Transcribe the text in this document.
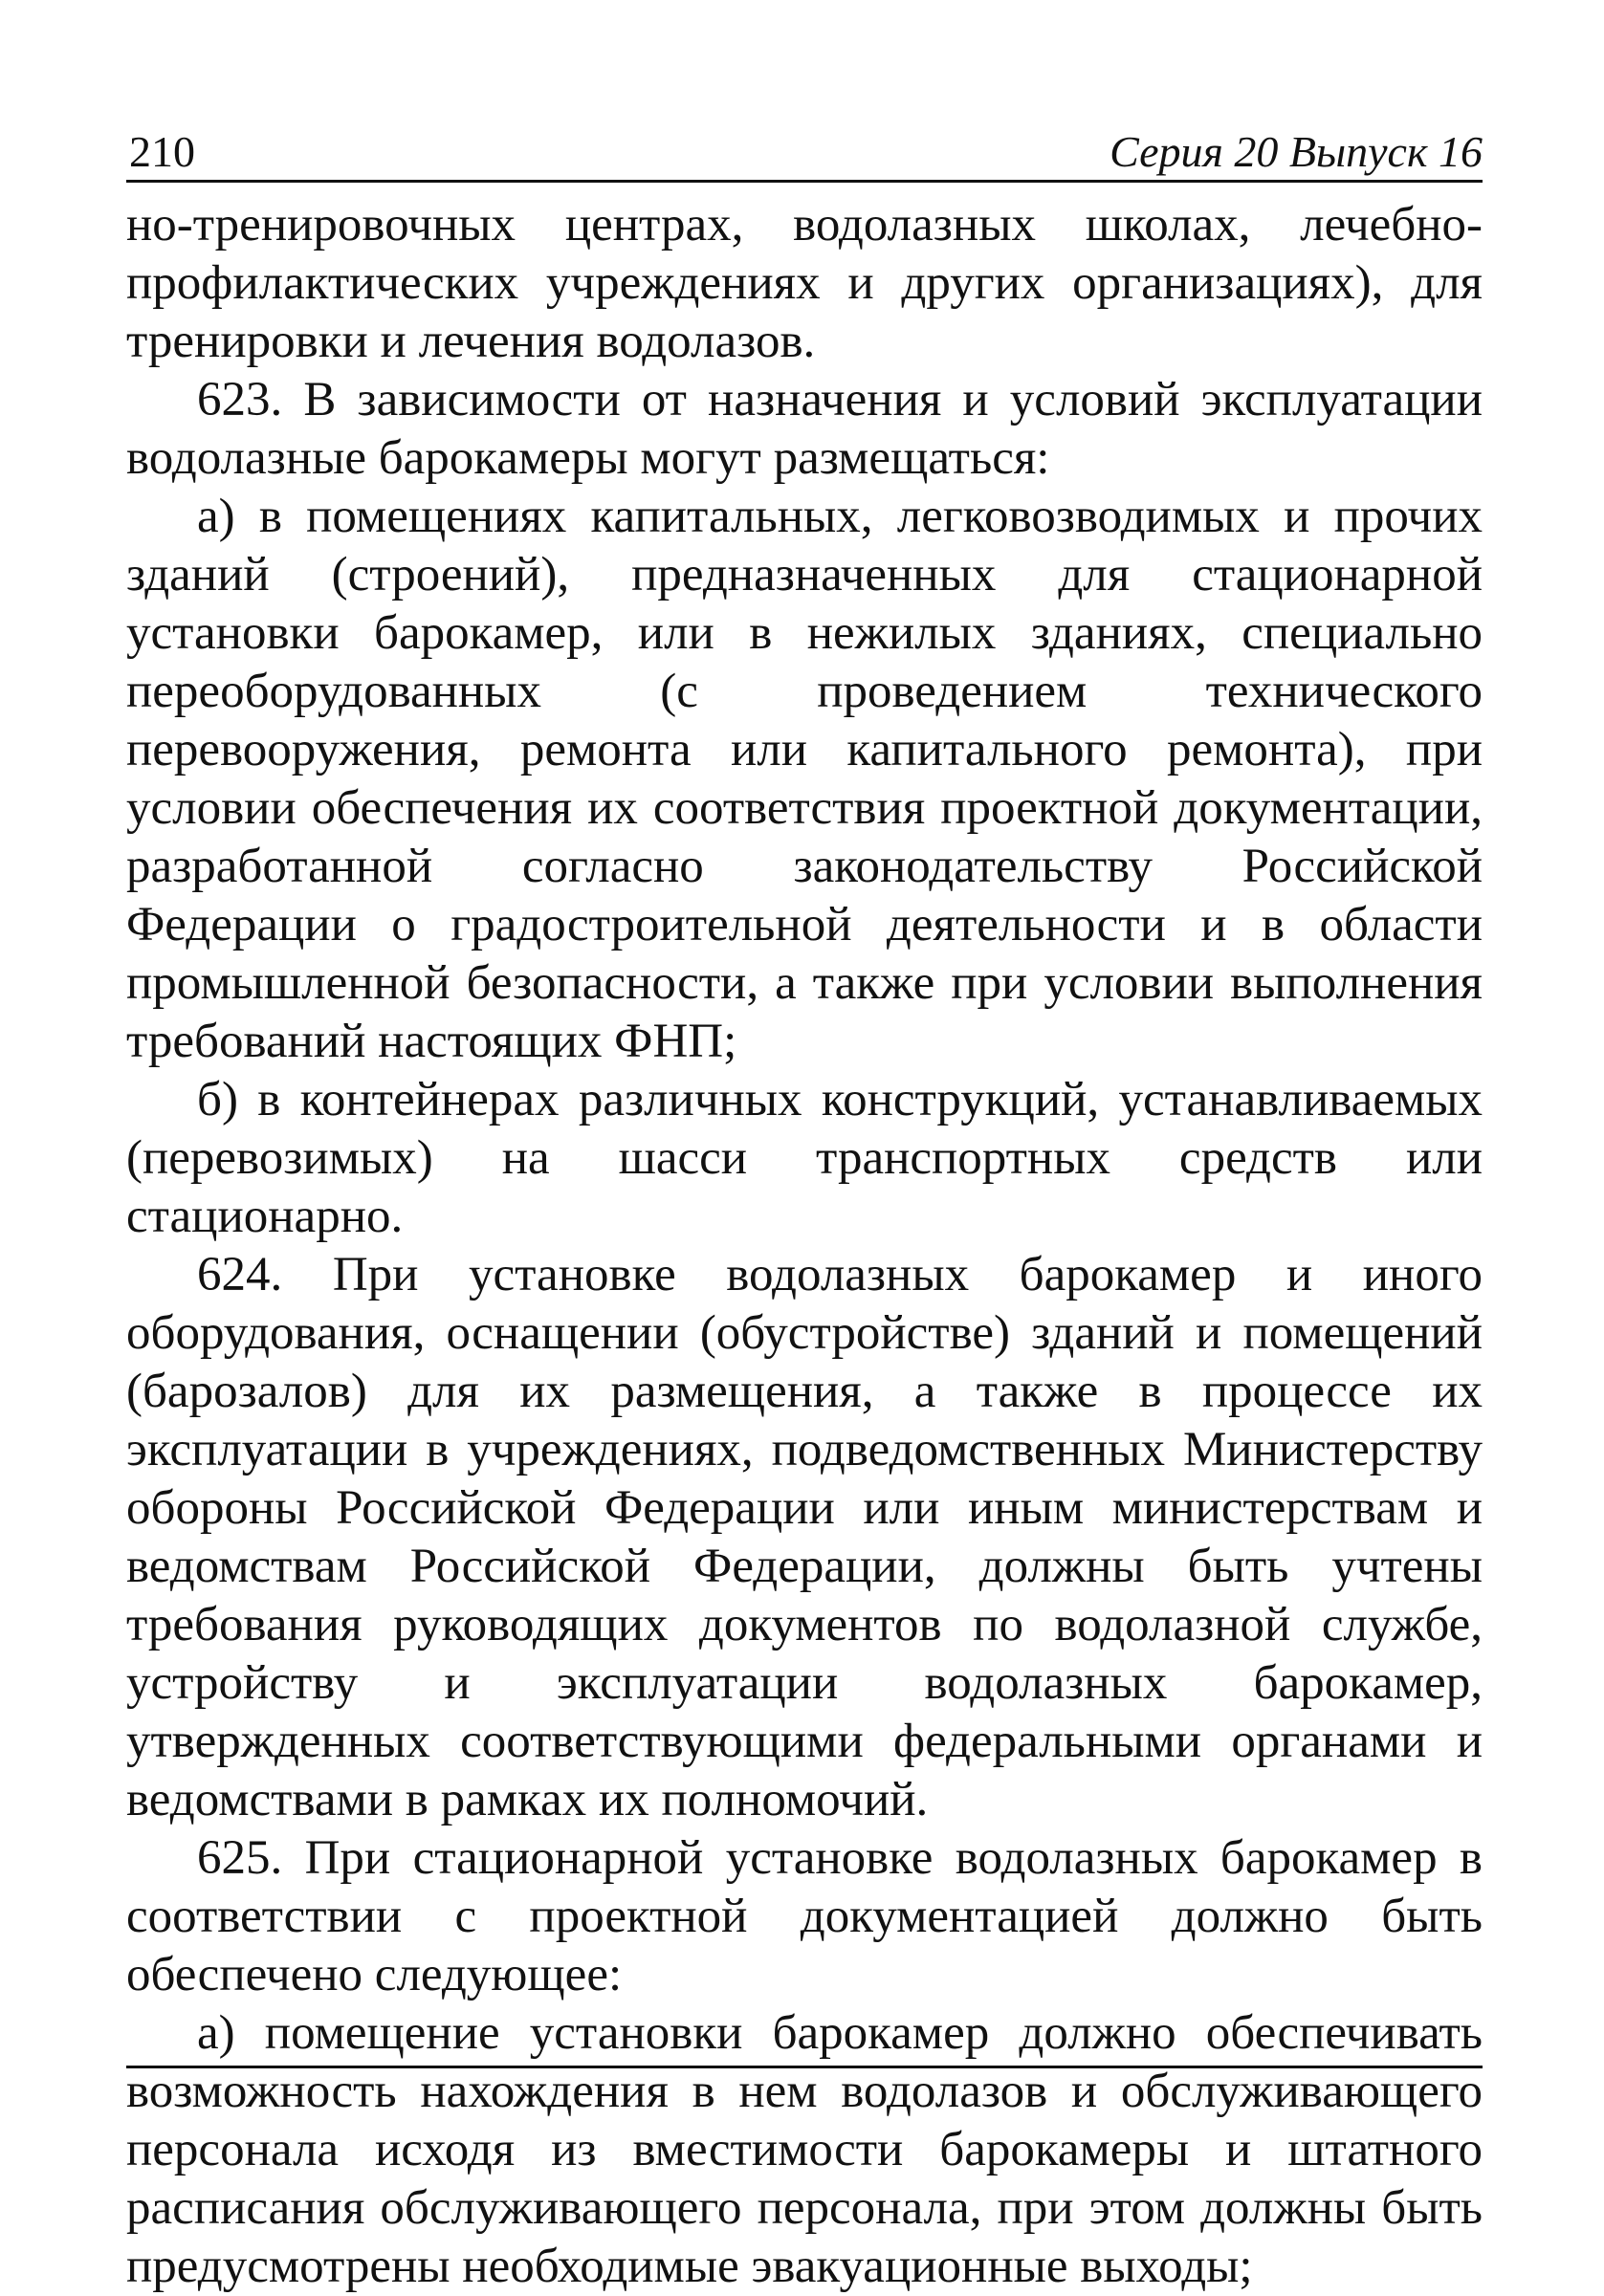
210	Серия 20 Выпуск 16

но-тренировочных центрах, водолазных школах, лечебно-профилактических учреждениях и других организациях), для тренировки и лечения водолазов.

623. В зависимости от назначения и условий эксплуатации водолазные барокамеры могут размещаться:

а) в помещениях капитальных, легковозводимых и прочих зданий (строений), предназначенных для стационарной установки барокамер, или в нежилых зданиях, специально переоборудованных (с проведением технического перевооружения, ремонта или капитального ремонта), при условии обеспечения их соответствия проектной документации, разработанной согласно законодательству Российской Федерации о градостроительной деятельности и в области промышленной безопасности, а также при условии выполнения требований настоящих ФНП;

б) в контейнерах различных конструкций, устанавливаемых (перевозимых) на шасси транспортных средств или стационарно.

624. При установке водолазных барокамер и иного оборудования, оснащении (обустройстве) зданий и помещений (барозалов) для их размещения, а также в процессе их эксплуатации в учреждениях, подведомственных Министерству обороны Российской Федерации или иным министерствам и ведомствам Российской Федерации, должны быть учтены требования руководящих документов по водолазной службе, устройству и эксплуатации водолазных барокамер, утвержденных соответствующими федеральными органами и ведомствами в рамках их полномочий.

625. При стационарной установке водолазных барокамер в соответствии с проектной документацией должно быть обеспечено следующее:

а) помещение установки барокамер должно обеспечивать возможность нахождения в нем водолазов и обслуживающего персонала исходя из вместимости барокамеры и штатного расписания обслуживающего персонала, при этом должны быть предусмотрены необходимые эвакуационные выходы;
